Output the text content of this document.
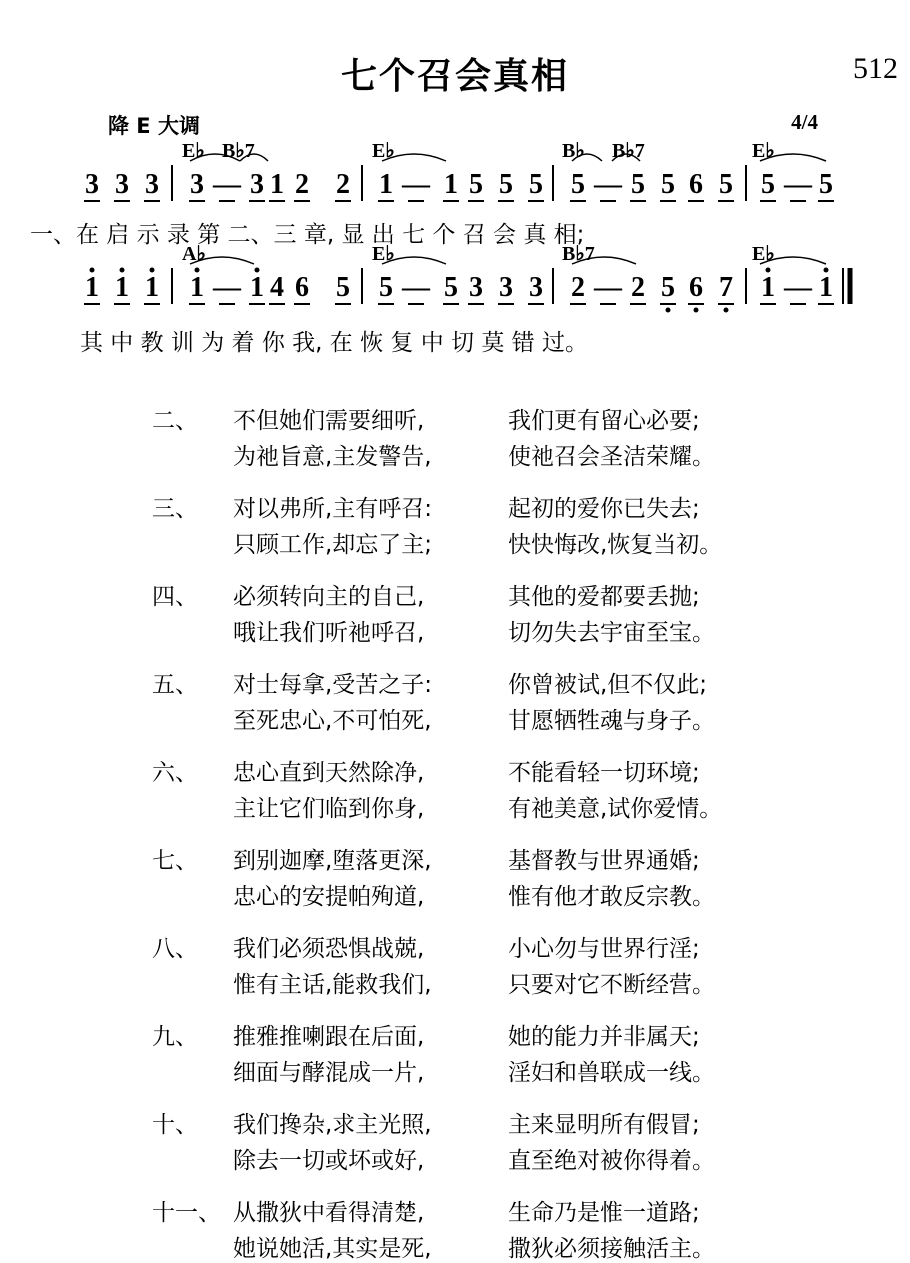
七个召会真相	512
降 E 大调	4/4
3 3 3 3 — 3 1 2 2 1 — 1 5 5 5 5 — 5 5 6 5 5 — 5
E♭ B♭7	E♭	B♭ B♭7	E♭
1 1 1 1 — 1 4 6 5 5 — 5 3 3 3 2 — 2 5 6 7 1 — 1
A♭	E♭	B♭7	E♭
一、在 启 示 录 第 二、三 章, 显 出 七 个 召 会 真 相;
其 中 教 训 为 着 你 我, 在 恢 复 中 切 莫 错 过。
二、 不但她们需要细听,	我们更有留心必要;
为祂旨意,主发警告,	使祂召会圣洁荣耀。
三、 对以弗所,主有呼召:	起初的爱你已失去;
只顾工作,却忘了主;	快快悔改,恢复当初。
四、 必须转向主的自己,	其他的爱都要丢抛;
哦让我们听祂呼召,	切勿失去宇宙至宝。
五、 对士每拿,受苦之子:	你曾被试,但不仅此;
至死忠心,不可怕死,	甘愿牺牲魂与身子。
六、 忠心直到天然除净,	不能看轻一切环境;
主让它们临到你身,	有祂美意,试你爱情。
七、 到别迦摩,堕落更深,	基督教与世界通婚;
忠心的安提帕殉道,	惟有他才敢反宗教。
八、 我们必须恐惧战兢,	小心勿与世界行淫;
惟有主话,能救我们,	只要对它不断经营。
九、 推雅推喇跟在后面,	她的能力并非属天;
细面与酵混成一片,	淫妇和兽联成一线。
十、 我们搀杂,求主光照,	主来显明所有假冒;
除去一切或坏或好,	直至绝对被你得着。
十一、 从撒狄中看得清楚,	生命乃是惟一道路;
她说她活,其实是死,	撒狄必须接触活主。
